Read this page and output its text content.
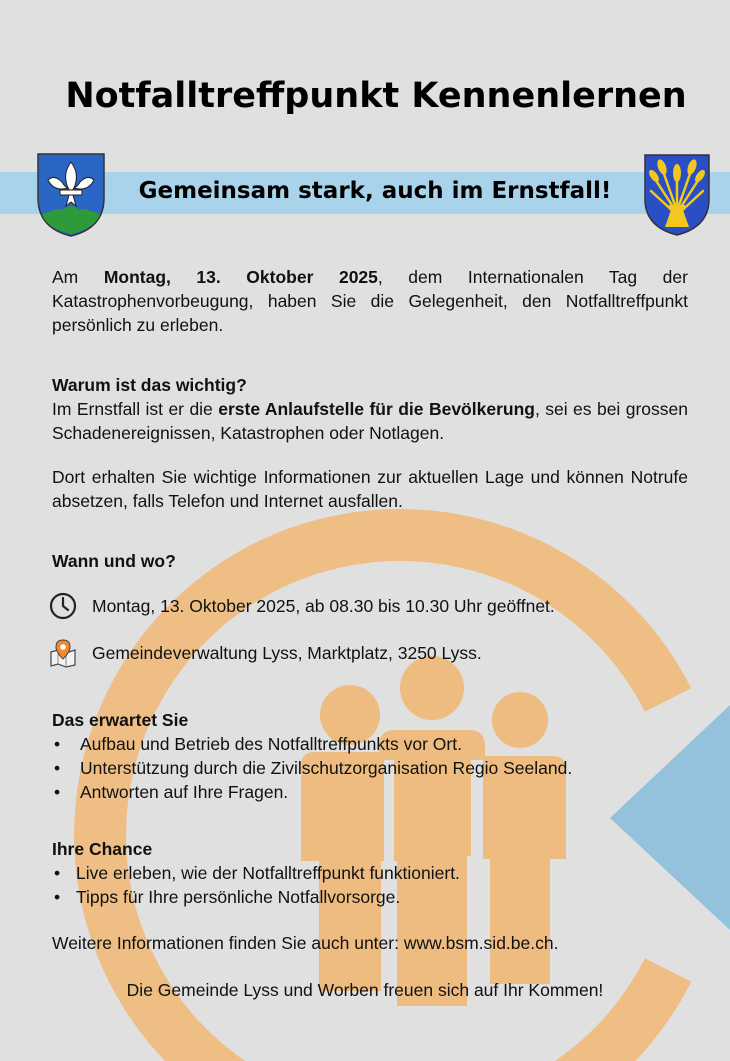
Notfalltreffpunkt Kennenlernen
Gemeinsam stark, auch im Ernstfall!
Am Montag, 13. Oktober 2025, dem Internationalen Tag der Katastrophenvorbeugung, haben Sie die Gelegenheit, den Notfalltreffpunkt persönlich zu erleben.
Warum ist das wichtig?
Im Ernstfall ist er die erste Anlaufstelle für die Bevölkerung, sei es bei grossen Schadenereignissen, Katastrophen oder Notlagen.
Dort erhalten Sie wichtige Informationen zur aktuellen Lage und können Notrufe absetzen, falls Telefon und Internet ausfallen.
Wann und wo?
Montag, 13. Oktober 2025, ab 08.30 bis 10.30 Uhr geöffnet.
Gemeindeverwaltung Lyss, Marktplatz, 3250 Lyss.
Das erwartet Sie
• Aufbau und Betrieb des Notfalltreffpunkts vor Ort.
• Unterstützung durch die Zivilschutzorganisation Regio Seeland.
• Antworten auf Ihre Fragen.
Ihre Chance
• Live erleben, wie der Notfalltreffpunkt funktioniert.
• Tipps für Ihre persönliche Notfallvorsorge.
Weitere Informationen finden Sie auch unter: www.bsm.sid.be.ch.
Die Gemeinde Lyss und Worben freuen sich auf Ihr Kommen!
